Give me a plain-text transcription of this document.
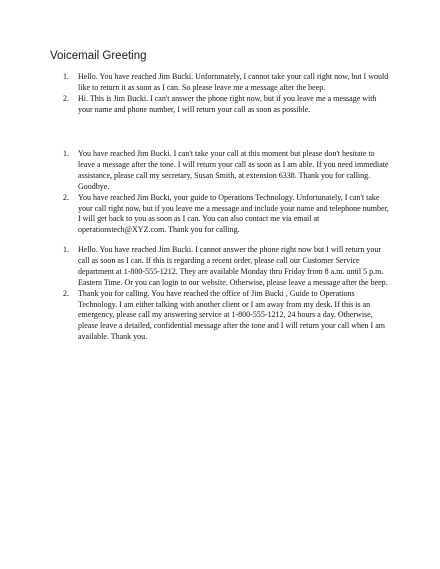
Voicemail Greeting
1. Hello. You have reached Jim Bucki. Unfortunately, I cannot take your call right now, but I would like to return it as soon as I can. So please leave me a message after the beep.
2. Hi. This is Jim Bucki. I can't answer the phone right now, but if you leave me a message with your name and phone number, I will return your call as soon as possible.
1. You have reached Jim Bucki. I can't take your call at this moment but please don't hesitate to leave a message after the tone. I will return your call as soon as I am able. If you need immediate assistance, please call my secretary, Susan Smith, at extension 6338. Thank you for calling. Goodbye.
2. You have reached Jim Bucki, your guide to Operations Technology. Unfortunately, I can't take your call right now, but if you leave me a message and include your name and telephone number, I will get back to you as soon as I can. You can also contact me via email at operationstech@XYZ.com. Thank you for calling.
1. Hello. You have reached Jim Bucki. I cannot answer the phone right now but I will return your call as soon as I can. If this is regarding a recent order, please call our Customer Service department at 1-800-555-1212. They are available Monday thru Friday from 8 a.m. until 5 p.m. Eastern Time. Or you can login to our website. Otherwise, please leave a message after the beep.
2. Thank you for calling. You have reached the office of Jim Bucki , Guide to Operations Technology. I am either talking with another client or I am away from my desk. If this is an emergency, please call my answering service at 1-800-555-1212, 24 hours a day. Otherwise, please leave a detailed, confidential message after the tone and I will return your call when I am available. Thank you.
